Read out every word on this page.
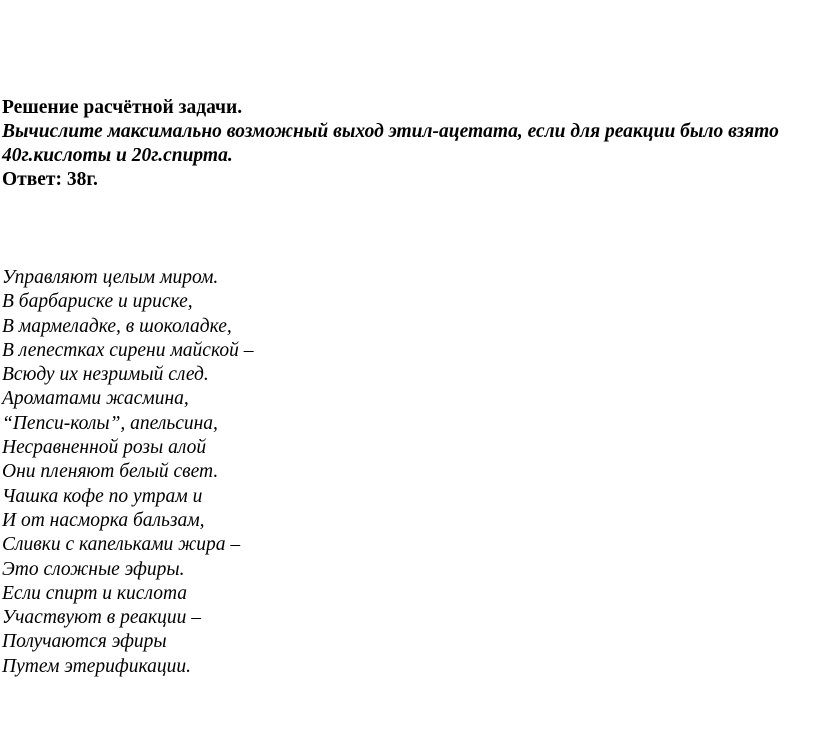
Решение расчётной задачи.

Вычислите максимально возможный выход этил-ацетата, если для реакции было взято 40г.кислоты и 20г.спирта.

Ответ: 38г.

Управляют целым миром.

В барбариске и ириске,

В мармеладке, в шоколадке,

В лепестках сирени майской –

Всюду их незримый след.

Ароматами жасмина,

“Пепси-колы”, апельсина,

Несравненной розы алой

Они пленяют белый свет.

Чашка кофе по утрам и

И от насморка бальзам,

Сливки с капельками жира –

Это сложные эфиры.

Если спирт и кислота

Участвуют в реакции –

Получаются эфиры

Путем этерификации.
